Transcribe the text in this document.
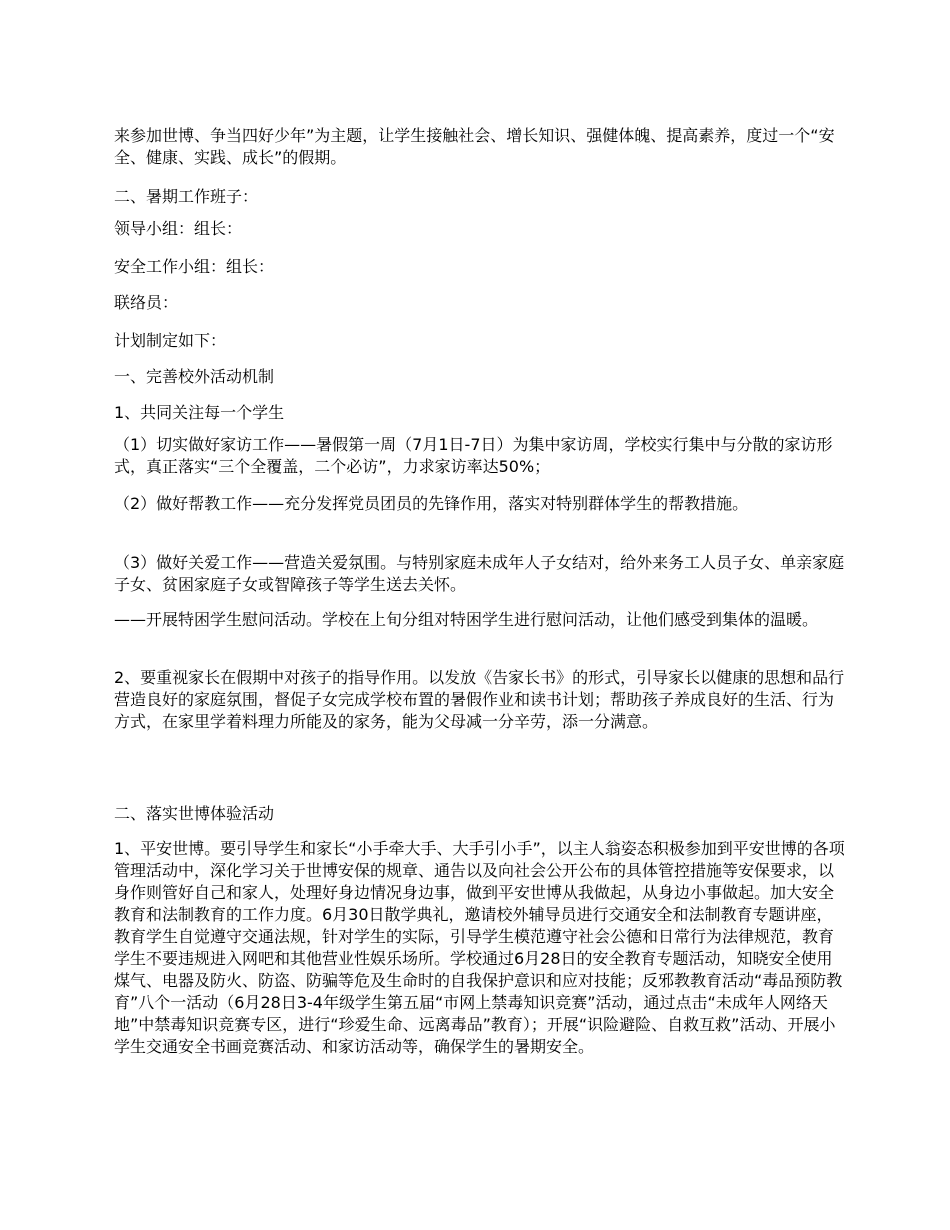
来参加世博、争当四好少年”为主题，让学生接触社会、增长知识、强健体魄、提高素养，度过一个“安全、健康、实践、成长”的假期。

二、暑期工作班子：

领导小组：组长：

安全工作小组：组长：

联络员：

计划制定如下：

一、完善校外活动机制

1、共同关注每一个学生

（1）切实做好家访工作——暑假第一周（7月1日-7日）为集中家访周，学校实行集中与分散的家访形式，真正落实“三个全覆盖，二个必访”，力求家访率达50%；

（2）做好帮教工作——充分发挥党员团员的先锋作用，落实对特别群体学生的帮教措施。

（3）做好关爱工作——营造关爱氛围。与特别家庭未成年人子女结对，给外来务工人员子女、单亲家庭子女、贫困家庭子女或智障孩子等学生送去关怀。

——开展特困学生慰问活动。学校在上旬分组对特困学生进行慰问活动，让他们感受到集体的温暖。

2、要重视家长在假期中对孩子的指导作用。以发放《告家长书》的形式，引导家长以健康的思想和品行营造良好的家庭氛围，督促子女完成学校布置的暑假作业和读书计划；帮助孩子养成良好的生活、行为方式，在家里学着料理力所能及的家务，能为父母减一分辛劳，添一分满意。

二、落实世博体验活动

1、平安世博。要引导学生和家长“小手牵大手、大手引小手”，以主人翁姿态积极参加到平安世博的各项管理活动中，深化学习关于世博安保的规章、通告以及向社会公开公布的具体管控措施等安保要求，以身作则管好自己和家人，处理好身边情况身边事，做到平安世博从我做起，从身边小事做起。加大安全教育和法制教育的工作力度。6月30日散学典礼，邀请校外辅导员进行交通安全和法制教育专题讲座，教育学生自觉遵守交通法规，针对学生的实际，引导学生模范遵守社会公德和日常行为法律规范，教育学生不要违规进入网吧和其他营业性娱乐场所。学校通过6月28日的安全教育专题活动，知晓安全使用煤气、电器及防火、防盗、防骗等危及生命时的自我保护意识和应对技能；反邪教教育活动“毒品预防教育”八个一活动（6月28日3-4年级学生第五届“市网上禁毒知识竞赛”活动，通过点击“未成年人网络天地”中禁毒知识竞赛专区，进行“珍爱生命、远离毒品”教育）；开展“识险避险、自救互救”活动、开展小学生交通安全书画竞赛活动、和家访活动等，确保学生的暑期安全。
